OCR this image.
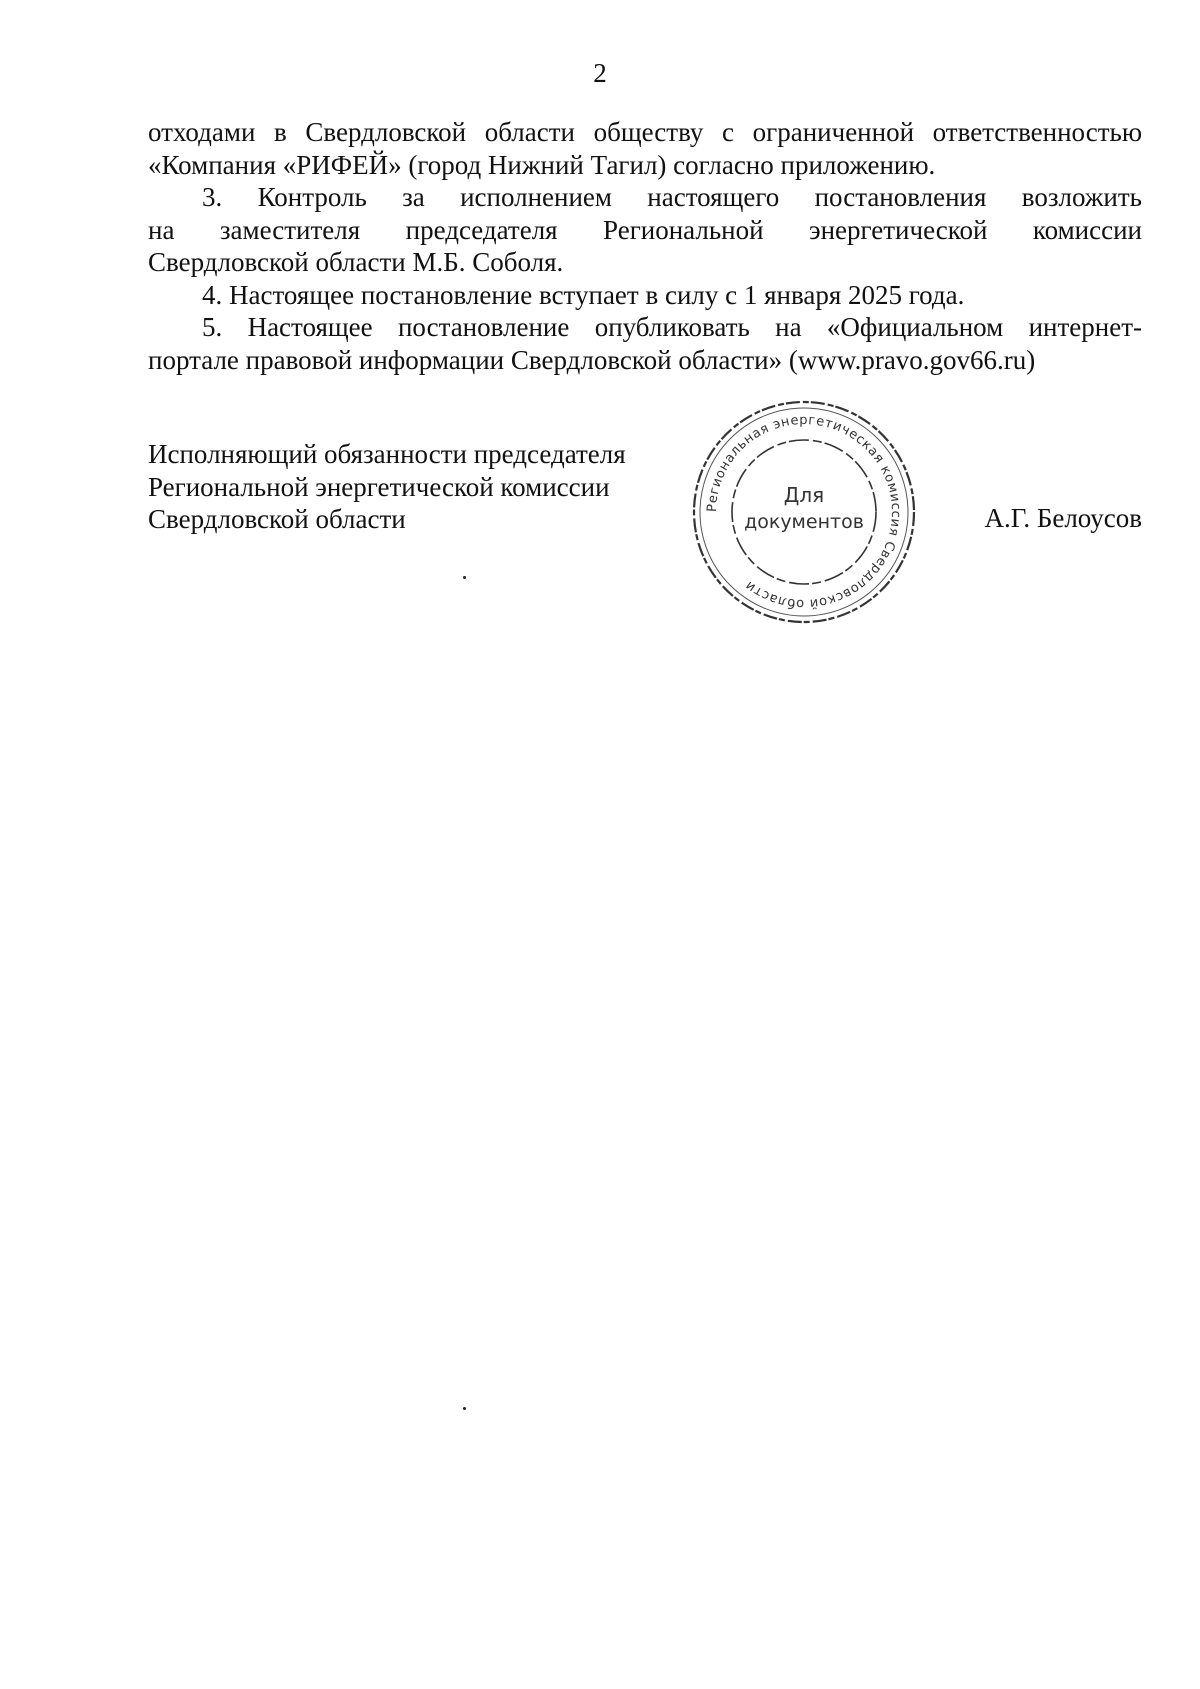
2

отходами в Свердловской области обществу с ограниченной ответственностью

«Компания «РИФЕЙ» (город Нижний Тагил) согласно приложению.

3. Контроль за исполнением настоящего постановления возложить

на заместителя председателя Региональной энергетической комиссии

Свердловской области М.Б. Соболя.

4. Настоящее постановление вступает в силу с 1 января 2025 года.

5. Настоящее постановление опубликовать на «Официальном интернет-

портале правовой информации Свердловской области» (www.pravo.gov66.ru)

Исполняющий обязанности председателя
Региональной энергетической комиссии
Свердловской области	Региональная энергетическая комиссия Свердловской области
Для
документов	А.Г. Белоусов
